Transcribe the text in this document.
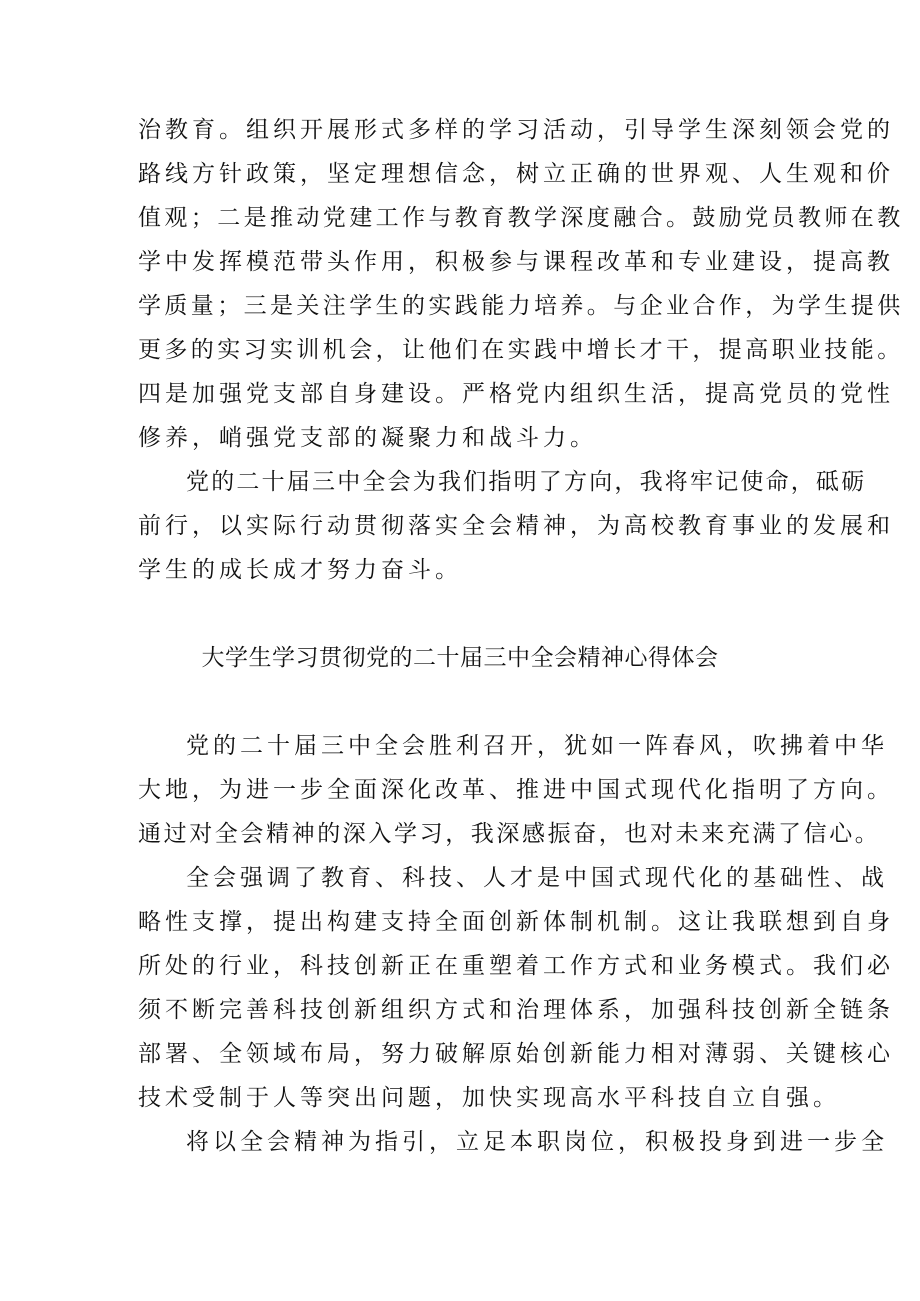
治教育。组织开展形式多样的学习活动，引导学生深刻领会党的
路线方针政策，坚定理想信念，树立正确的世界观、人生观和价
值观；二是推动党建工作与教育教学深度融合。鼓励党员教师在教
学中发挥模范带头作用，积极参与课程改革和专业建设，提高教
学质量；三是关注学生的实践能力培养。与企业合作，为学生提供
更多的实习实训机会，让他们在实践中增长才干，提高职业技能。
四是加强党支部自身建设。严格党内组织生活，提高党员的党性
修养，峭强党支部的凝聚力和战斗力。
党的二十届三中全会为我们指明了方向，我将牢记使命，砥砺
前行，以实际行动贯彻落实全会精神，为高校教育事业的发展和
学生的成长成才努力奋斗。
大学生学习贯彻党的二十届三中全会精神心得体会
党的二十届三中全会胜利召开，犹如一阵春风，吹拂着中华
大地，为进一步全面深化改革、推进中国式现代化指明了方向。
通过对全会精神的深入学习，我深感振奋，也对未来充满了信心。
全会强调了教育、科技、人才是中国式现代化的基础性、战
略性支撑，提出构建支持全面创新体制机制。这让我联想到自身
所处的行业，科技创新正在重塑着工作方式和业务模式。我们必
须不断完善科技创新组织方式和治理体系，加强科技创新全链条
部署、全领域布局，努力破解原始创新能力相对薄弱、关键核心
技术受制于人等突出问题，加快实现高水平科技自立自强。
将以全会精神为指引，立足本职岗位，积极投身到进一步全
